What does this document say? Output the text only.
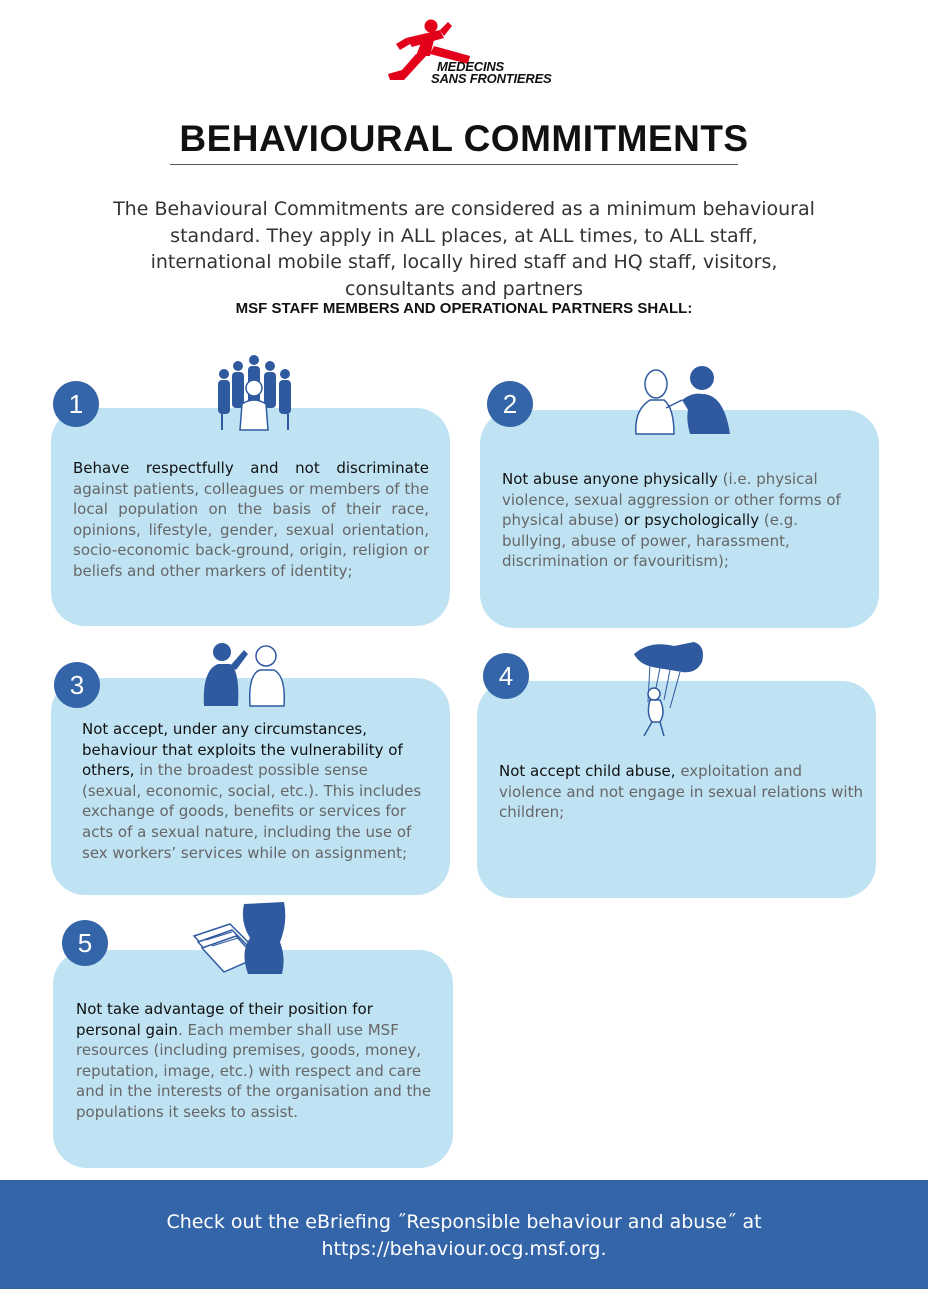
MEDECINS
SANS FRONTIERES
BEHAVIOURAL COMMITMENTS
The Behavioural Commitments are considered as a minimum behavioural standard. They apply in ALL places, at ALL times, to ALL staff, international mobile staff, locally hired staff and HQ staff, visitors, consultants and partners
MSF STAFF MEMBERS AND OPERATIONAL PARTNERS SHALL:

Behave respectfully and not discriminate against patients, colleagues or members of the local population on the basis of their race, opinions, lifestyle, gender, sexual orientation, socio-economic back-ground, origin, religion or beliefs and other markers of identity;

1

Not abuse anyone physically (i.e. physical violence, sexual aggression or other forms of physical abuse) or psychologically (e.g. bullying, abuse of power, harassment, discrimination or favouritism);

2

Not accept, under any circumstances, behaviour that exploits the vulnerability of others, in the broadest possible sense (sexual, economic, social, etc.). This includes exchange of goods, benefits or services for acts of a sexual nature, including the use of sex workers’ services while on assignment;

3

Not accept child abuse, exploitation and violence and not engage in sexual relations with children;

4

Not take advantage of their position for personal gain. Each member shall use MSF resources (including premises, goods, money, reputation, image, etc.) with respect and care and in the interests of the organisation and the populations it seeks to assist.

5

Check out the eBriefing ˝Responsible behaviour and abuse˝ at
https://behaviour.ocg.msf.org.
